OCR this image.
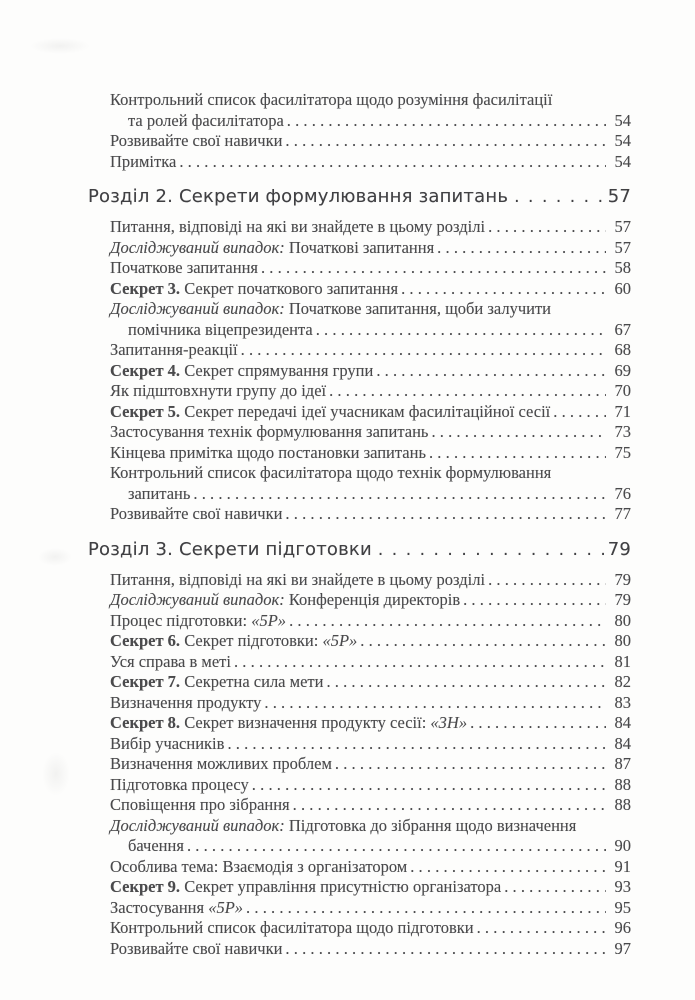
Контрольний список фасилітатора щодо розуміння фасилітації
та ролей фасилітатора .....	54
Розвивайте свої навички .....	54
Примітка .....	54
Розділ 2. Секрети формулювання запитань .....	57
Питання, відповіді на які ви знайдете в цьому розділі .....	57
Досліджуваний випадок: Початкові запитання .....	57
Початкове запитання .....	58
Секрет 3. Секрет початкового запитання .....	60
Досліджуваний випадок: Початкове запитання, щоби залучити
помічника віцепрезидента .....	67
Запитання-реакції .....	68
Секрет 4. Секрет спрямування групи .....	69
Як підштовхнути групу до ідеї .....	70
Секрет 5. Секрет передачі ідеї учасникам фасилітаційної сесії .....	71
Застосування технік формулювання запитань .....	73
Кінцева примітка щодо постановки запитань .....	75
Контрольний список фасилітатора щодо технік формулювання
запитань .....	76
Розвивайте свої навички .....	77
Розділ 3. Секрети підготовки .....	79
Питання, відповіді на які ви знайдете в цьому розділі .....	79
Досліджуваний випадок: Конференція директорів .....	79
Процес підготовки: «5Р» .....	80
Секрет 6. Секрет підготовки: «5Р» .....	80
Уся справа в меті .....	81
Секрет 7. Секретна сила мети .....	82
Визначення продукту .....	83
Секрет 8. Секрет визначення продукту сесії: «3Н» .....	84
Вибір учасників .....	84
Визначення можливих проблем .....	87
Підготовка процесу .....	88
Сповіщення про зібрання .....	88
Досліджуваний випадок: Підготовка до зібрання щодо визначення
бачення .....	90
Особлива тема: Взаємодія з організатором .....	91
Секрет 9. Секрет управління присутністю організатора .....	93
Застосування «5Р» .....	95
Контрольний список фасилітатора щодо підготовки .....	96
Розвивайте свої навички .....	97
